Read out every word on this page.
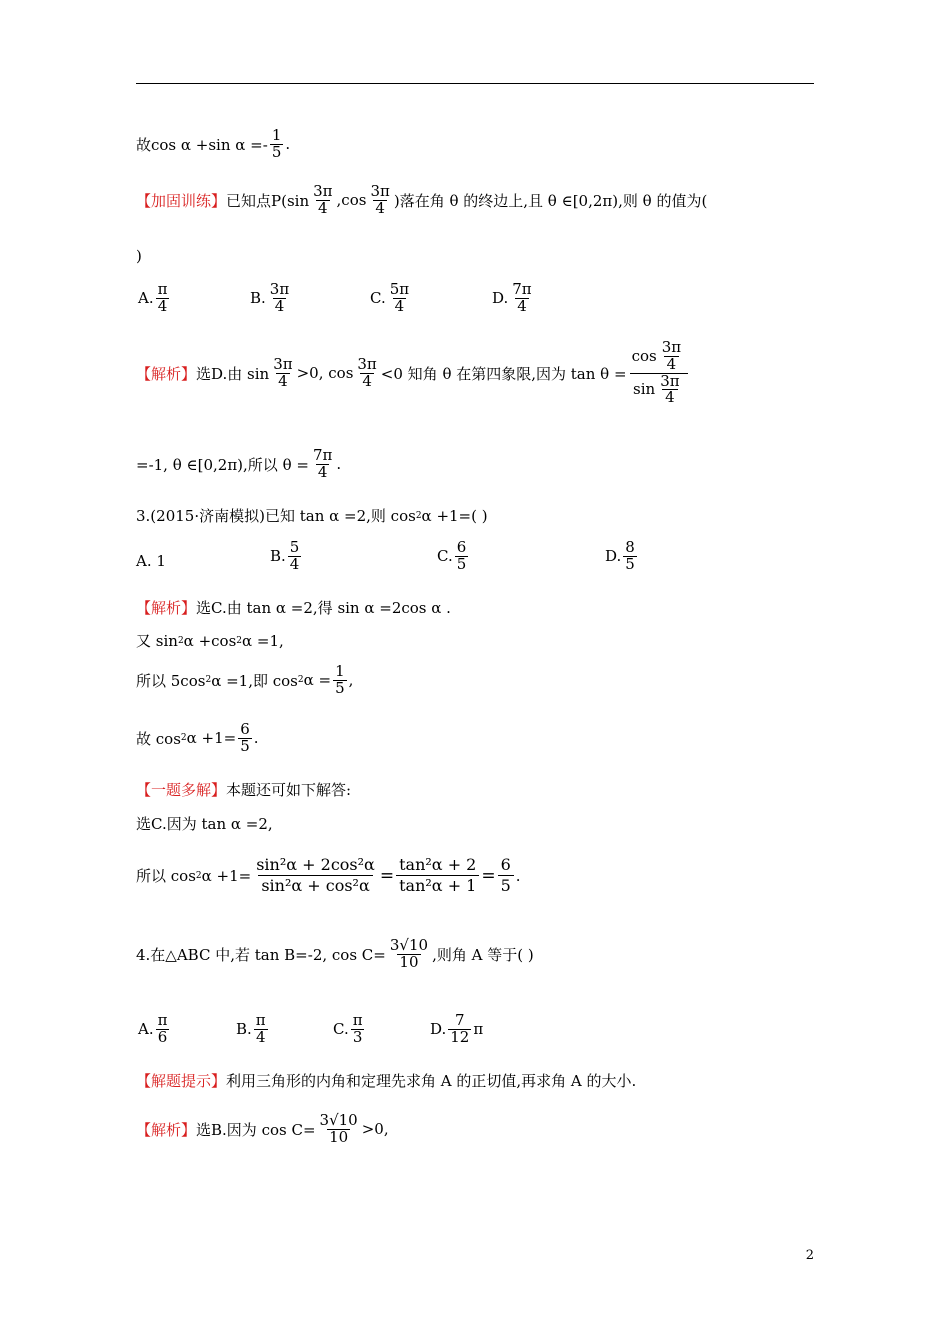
故cos α +sin $\alpha =- \frac{1}{5}$ .
【加固训练】 已知点$P(\sin \frac{3\pi}{4} ,\cos \frac{3\pi}{4}$ )落在角 θ 的终边上,且 θ ∈[0,2π),则 θ 的值为(
)
A. $\frac{\pi}{4}$	B. $\frac{3\pi}{4}$	C. $\frac{5\pi}{4}$	D. $\frac{7\pi}{4}$
【解析】 选D.由 $\sin \frac{3\pi}{4} >0$, $\cos \frac{3\pi}{4} <0$ 知角 θ 在第四象限,因为 $\tan \theta = \frac{\cos \frac{3\pi}{4}}{\sin \frac{3\pi}{4}}$
=-1, θ ∈[0,2π),所以 $\theta = \frac{7\pi}{4}$ .
3.(2015·济南模拟)已知 tan α =2,则 cos 2 α +1=( )
A. 1	B. $\frac{5}{4}$	C. $\frac{6}{5}$	D. $\frac{8}{5}$
【解析】 选C.由 tan α =2,得 sin α =2cos α .
又 sin 2 α +cos 2 α =1,
所以 5cos 2 α =1,即 cos 2 $\alpha = \frac{1}{5}$ ,
故 cos 2 $\alpha +1= \frac{6}{5}$ .
【一题多解】 本题还可如下解答:
选C.因为 tan α =2,
所以 cos 2 $\alpha +1= \frac{\text{sin²α + 2cos²α}}{\text{sin²α + cos²α}} = \frac{\text{tan²α + 2}}{\text{tan²α + 1}} = \frac{6}{5}$ .
4.在△ABC 中,若 tan B=-2, $\cos C= \frac{3√10}{10}$ ,则角 A 等于( )
A. $\frac{\pi}{6}$	B. $\frac{\pi}{4}$	C. $\frac{\pi}{3}$	D. $\frac{7}{12}$ π
【解题提示】 利用三角形的内角和定理先求角 A 的正切值,再求角 A 的大小.
【解析】 选B.因为 $\cos C= \frac{3√10}{10} >0$,
2
